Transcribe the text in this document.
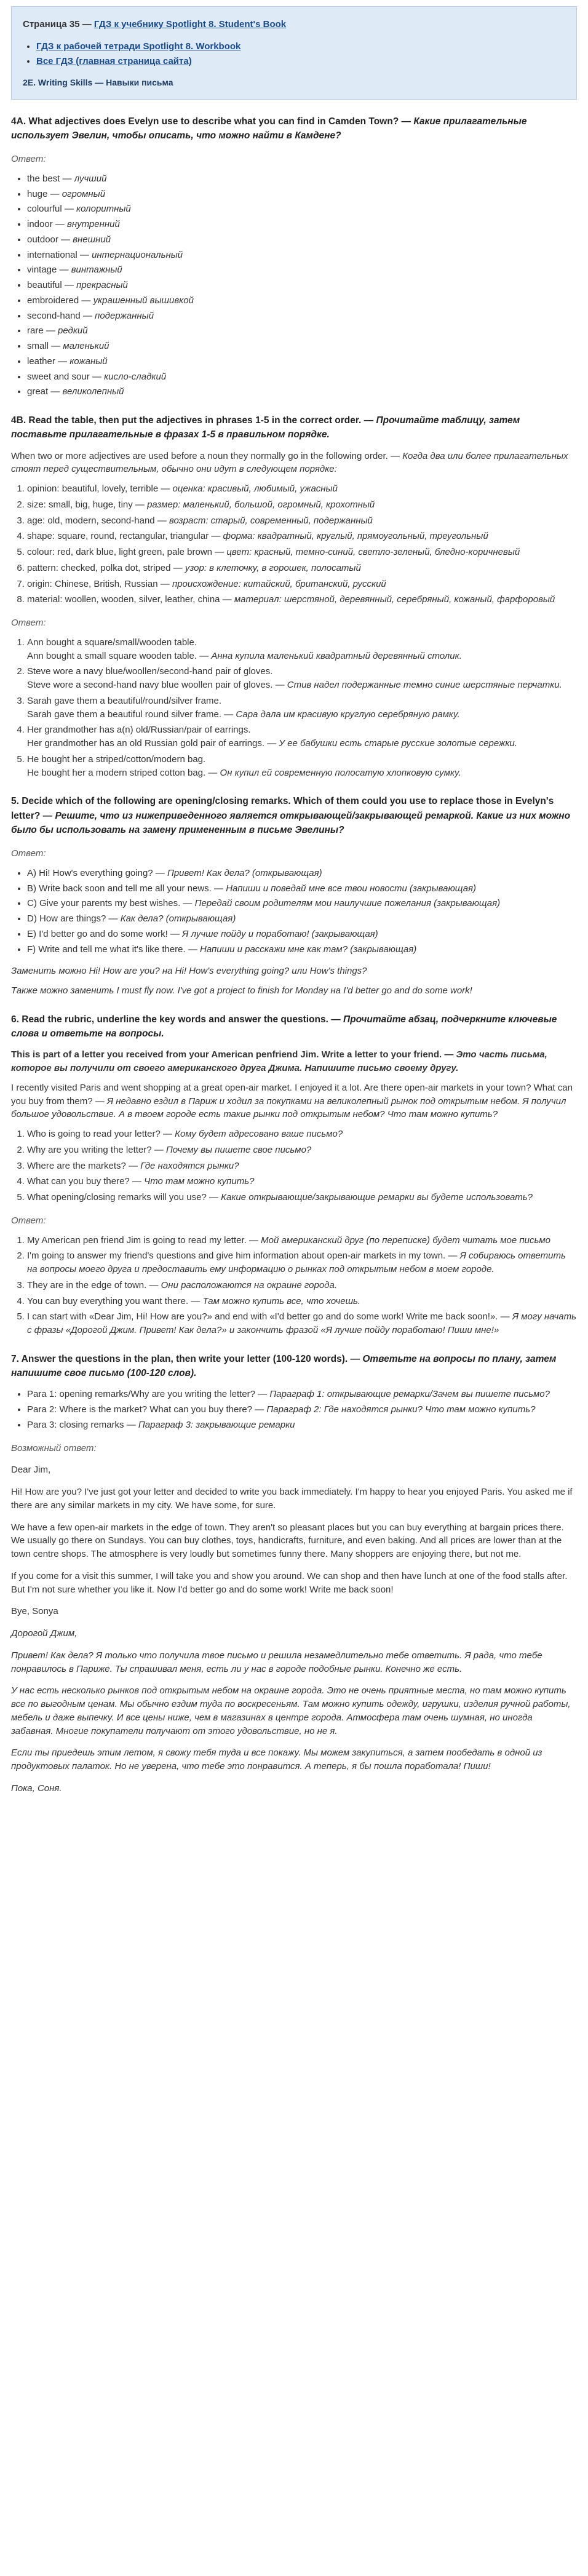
Страница 35 — ГДЗ к учебнику Spotlight 8. Student's Book
• ГДЗ к рабочей тетради Spotlight 8. Workbook
• Все ГДЗ (главная страница сайта)
2E. Writing Skills — Навыки письма
4A. What adjectives does Evelyn use to describe what you can find in Camden Town? — Какие прилагательные использует Эвелин, чтобы описать, что можно найти в Камдене?
Ответ:
• the best — лучший
• huge — огромный
• colourful — колоритный
• indoor — внутренний
• outdoor — внешний
• international — интернациональный
• vintage — винтажный
• beautiful — прекрасный
• embroidered — украшенный вышивкой
• second-hand — подержанный
• rare — редкий
• small — маленький
• leather — кожаный
• sweet and sour — кисло-сладкий
• great — великолепный
4B. Read the table, then put the adjectives in phrases 1-5 in the correct order. — Прочитайте таблицу, затем поставьте прилагательные в фразах 1-5 в правильном порядке.

When two or more adjectives are used before a noun they normally go in the following order. — Когда два или более прилагательных стоят перед существительным, обычно они идут в следующем порядке:

1. opinion: beautiful, lovely, terrible — оценка: красивый, любимый, ужасный
2. size: small, big, huge, tiny — размер: маленький, большой, огромный, крохотный
3. age: old, modern, second-hand — возраст: старый, современный, подержанный
4. shape: square, round, rectangular, triangular — форма: квадратный, круглый, прямоугольный, треугольный
5. colour: red, dark blue, light green, pale brown — цвет: красный, темно-синий, светло-зеленый, бледно-коричневый
6. pattern: checked, polka dot, striped — узор: в клеточку, в горошек, полосатый
7. origin: Chinese, British, Russian — происхождение: китайский, британский, русский
8. material: woollen, wooden, silver, leather, china — материал: шерстяной, деревянный, серебряный, кожаный, фарфоровый
Ответ:
1. Ann bought a square/small/wooden table.
Ann bought a small square wooden table. — Анна купила маленький квадратный деревянный столик.
2. Steve wore a navy blue/woollen/second-hand pair of gloves.
Steve wore a second-hand navy blue woollen pair of gloves. — Стив надел подержанные темно синие шерстяные перчатки.
3. Sarah gave them a beautiful/round/silver frame.
Sarah gave them a beautiful round silver frame. — Сара дала им красивую круглую серебряную рамку.
4. Her grandmother has a(n) old/Russian/pair of earrings.
Her grandmother has an old Russian gold pair of earrings. — У ее бабушки есть старые русские золотые сережки.
5. He bought her a striped/cotton/modern bag.
He bought her a modern striped cotton bag. — Он купил ей современную полосатую хлопковую сумку.
5. Decide which of the following are opening/closing remarks. Which of them could you use to replace those in Evelyn's letter? — Решите, что из нижеприведенного является открывающей/закрывающей ремаркой. Какие из них можно было бы использовать на замену примененным в письме Эвелины?
Ответ:
• A) Hi! How's everything going? — Привет! Как дела? (открывающая)
• B) Write back soon and tell me all your news. — Напиши и поведай мне все твои новости (закрывающая)
• C) Give your parents my best wishes. — Передай своим родителям мои наилучшие пожелания (закрывающая)
• D) How are things? — Как дела? (открывающая)
• E) I'd better go and do some work! — Я лучше пойду и поработаю! (закрывающая)
• F) Write and tell me what it's like there. — Напиши и расскажи мне как там? (закрывающая)

Заменить можно Hi! How are you? на Hi! How's everything going? или How's things?

Также можно заменить I must fly now. I've got a project to finish for Monday на I'd better go and do some work!

6. Read the rubric, underline the key words and answer the questions. — Прочитайте абзац, подчеркните ключевые слова и ответьте на вопросы.

This is part of a letter you received from your American penfriend Jim. Write a letter to your friend. — Это часть письма, которое вы получили от своего американского друга Джима. Напишите письмо своему другу.

I recently visited Paris and went shopping at a great open-air market. I enjoyed it a lot. Are there open-air markets in your town? What can you buy from them? — Я недавно ездил в Париж и ходил за покупками на великолепный рынок под открытым небом. Я получил большое удовольствие. А в твоем городе есть такие рынки под открытым небом? Что там можно купить?

1. Who is going to read your letter? — Кому будет адресовано ваше письмо?
2. Why are you writing the letter? — Почему вы пишете свое письмо?
3. Where are the markets? — Где находятся рынки?
4. What can you buy there? — Что там можно купить?
5. What opening/closing remarks will you use? — Какие открывающие/закрывающие ремарки вы будете использовать?
Ответ:
1. My American pen friend Jim is going to read my letter. — Мой американский друг (по переписке) будет читать мое письмо
2. I'm going to answer my friend's questions and give him information about open-air markets in my town. — Я собираюсь ответить на вопросы моего друга и предоставить ему информацию о рынках под открытым небом в моем городе.
3. They are in the edge of town. — Они расположаются на окраине города.
4. You can buy everything you want there. — Там можно купить все, что хочешь.
5. I can start with «Dear Jim, Hi! How are you?» and end with «I'd better go and do some work! Write me back soon!». — Я могу начать с фразы «Дорогой Джим. Привет! Как дела?» и закончить фразой «Я лучше пойду поработаю! Пиши мне!»
7. Answer the questions in the plan, then write your letter (100-120 words). — Ответьте на вопросы по плану, затем напишите свое письмо (100-120 слов).
• Para 1: opening remarks/Why are you writing the letter? — Параграф 1: открывающие ремарки/Зачем вы пишете письмо?
• Para 2: Where is the market? What can you buy there? — Параграф 2: Где находятся рынки? Что там можно купить?
• Para 3: closing remarks — Параграф 3: закрывающие ремарки
Возможный ответ:

Dear Jim,

Hi! How are you? I've just got your letter and decided to write you back immediately. I'm happy to hear you enjoyed Paris. You asked me if there are any similar markets in my city. We have some, for sure.

We have a few open-air markets in the edge of town. They aren't so pleasant places but you can buy everything at bargain prices there. We usually go there on Sundays. You can buy clothes, toys, handicrafts, furniture, and even baking. And all prices are lower than at the town centre shops. The atmosphere is very loudly but sometimes funny there. Many shoppers are enjoying there, but not me.

If you come for a visit this summer, I will take you and show you around. We can shop and then have lunch at one of the food stalls after. But I'm not sure whether you like it. Now I'd better go and do some work! Write me back soon!

Bye, Sonya

Дорогой Джим,

Привет! Как дела? Я только что получила твое письмо и решила незамедлительно тебе ответить. Я рада, что тебе понравилось в Париже. Ты спрашивал меня, есть ли у нас в городе подобные рынки. Конечно же есть.

У нас есть несколько рынков под открытым небом на окраине города. Это не очень приятные места, но там можно купить все по выгодным ценам. Мы обычно ездим туда по воскресеньям. Там можно купить одежду, игрушки, изделия ручной работы, мебель и даже выпечку. И все цены ниже, чем в магазинах в центре города. Атмосфера там очень шумная, но иногда забавная. Многие покупатели получают от этого удовольствие, но не я.

Если ты приедешь этим летом, я свожу тебя туда и все покажу. Мы можем закупиться, а затем пообедать в одной из продуктовых палаток. Но не уверена, что тебе это понравится. А теперь, я бы пошла поработала! Пиши!

Пока, Соня.
